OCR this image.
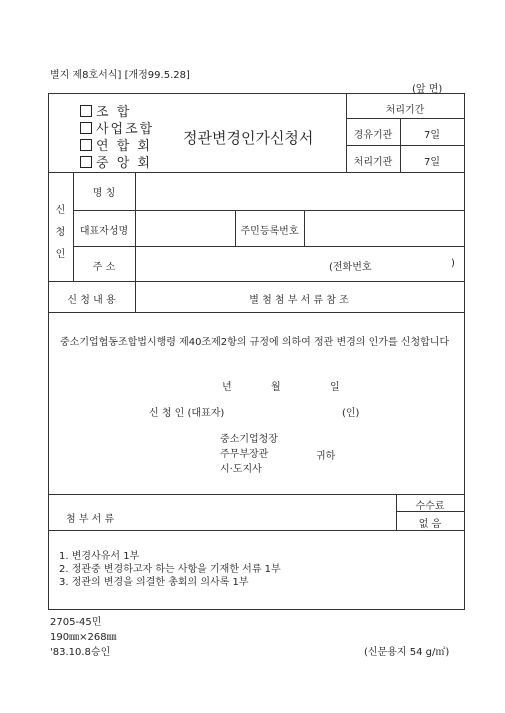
별지 제8호서식] [개정99.5.28]
(앞 면)
조 합
사업조합
연 합 회
중 앙 회
정관변경인가신청서
처리기간
경유기관	7일
처리기관	7일
신
청
인
명 칭
대표자성명	주민등록번호
주 소	(전화번호	)
신 청 내 용	별 첨 첨 부 서 류 참 조
중소기업협동조합법시행령 제40조제2항의 규정에 의하여 정관 변경의 인가를 신청합니다
년	월	일
신 청 인 (대표자)	(인)
중소기업청장
주무부장관
시·도지사
귀하
첨 부 서 류
수수료
없 음
1. 변경사유서 1부
2. 정관중 변경하고자 하는 사항을 기재한 서류 1부
3. 정관의 변경을 의결한 총회의 의사록 1부
2705-45민
190㎜×268㎜
'83.10.8승인	(신문용지 54 g/㎡)
